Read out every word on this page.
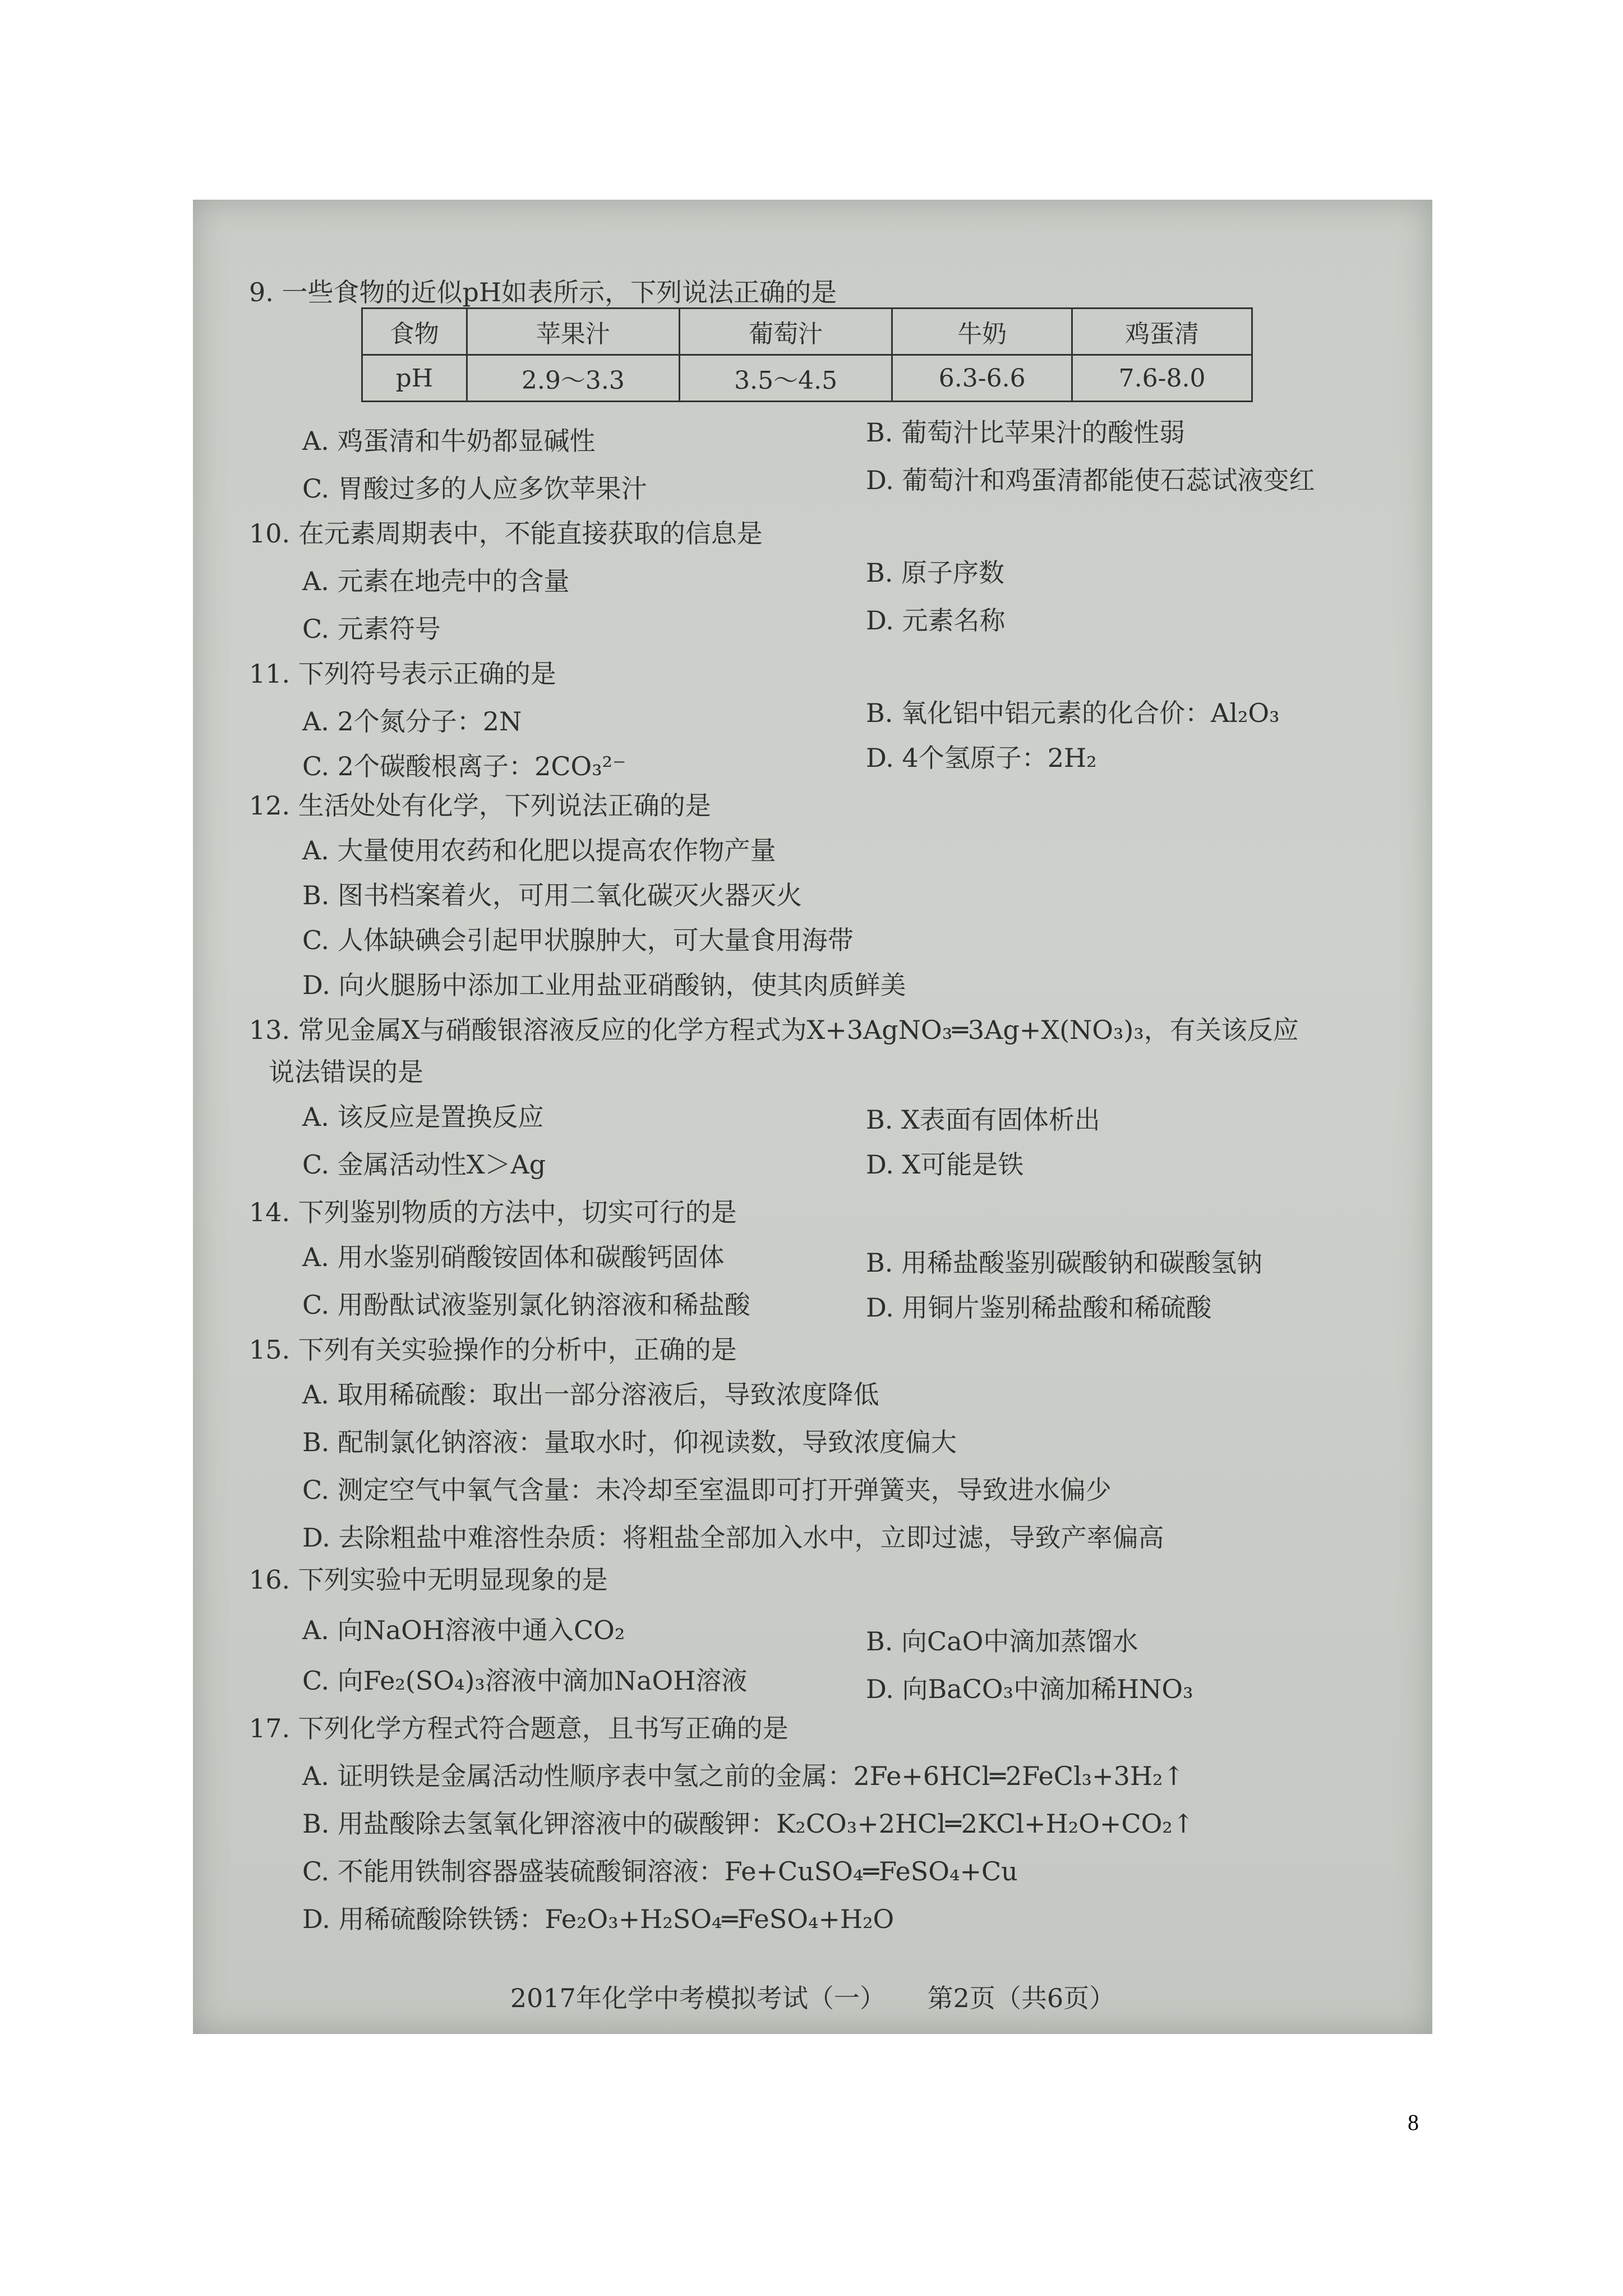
9. 一些食物的近似pH如表所示，下列说法正确的是
食物	苹果汁	葡萄汁	牛奶	鸡蛋清
pH	2.9～3.3	3.5～4.5	6.3-6.6	7.6-8.0
A. 鸡蛋清和牛奶都显碱性	B. 葡萄汁比苹果汁的酸性弱
C. 胃酸过多的人应多饮苹果汁	D. 葡萄汁和鸡蛋清都能使石蕊试液变红
10. 在元素周期表中，不能直接获取的信息是
A. 元素在地壳中的含量	B. 原子序数
C. 元素符号	D. 元素名称
11. 下列符号表示正确的是
A. 2个氮分子：2N	B. 氧化铝中铝元素的化合价：Al₂O₃
C. 2个碳酸根离子：2CO₃²⁻	D. 4个氢原子：2H₂
12. 生活处处有化学，下列说法正确的是
A. 大量使用农药和化肥以提高农作物产量
B. 图书档案着火，可用二氧化碳灭火器灭火
C. 人体缺碘会引起甲状腺肿大，可大量食用海带
D. 向火腿肠中添加工业用盐亚硝酸钠，使其肉质鲜美
13. 常见金属X与硝酸银溶液反应的化学方程式为X+3AgNO₃═3Ag+X(NO₃)₃，有关该反应
说法错误的是
A. 该反应是置换反应	B. X表面有固体析出
C. 金属活动性X＞Ag	D. X可能是铁
14. 下列鉴别物质的方法中，切实可行的是
A. 用水鉴别硝酸铵固体和碳酸钙固体	B. 用稀盐酸鉴别碳酸钠和碳酸氢钠
C. 用酚酞试液鉴别氯化钠溶液和稀盐酸	D. 用铜片鉴别稀盐酸和稀硫酸
15. 下列有关实验操作的分析中，正确的是
A. 取用稀硫酸：取出一部分溶液后，导致浓度降低
B. 配制氯化钠溶液：量取水时，仰视读数，导致浓度偏大
C. 测定空气中氧气含量：未冷却至室温即可打开弹簧夹，导致进水偏少
D. 去除粗盐中难溶性杂质：将粗盐全部加入水中，立即过滤，导致产率偏高
16. 下列实验中无明显现象的是
A. 向NaOH溶液中通入CO₂	B. 向CaO中滴加蒸馏水
C. 向Fe₂(SO₄)₃溶液中滴加NaOH溶液	D. 向BaCO₃中滴加稀HNO₃
17. 下列化学方程式符合题意，且书写正确的是
A. 证明铁是金属活动性顺序表中氢之前的金属：2Fe+6HCl═2FeCl₃+3H₂↑
B. 用盐酸除去氢氧化钾溶液中的碳酸钾：K₂CO₃+2HCl═2KCl+H₂O+CO₂↑
C. 不能用铁制容器盛装硫酸铜溶液：Fe+CuSO₄═FeSO₄+Cu
D. 用稀硫酸除铁锈：Fe₂O₃+H₂SO₄═FeSO₄+H₂O
2017年化学中考模拟考试（一） 第2页（共6页）
8
